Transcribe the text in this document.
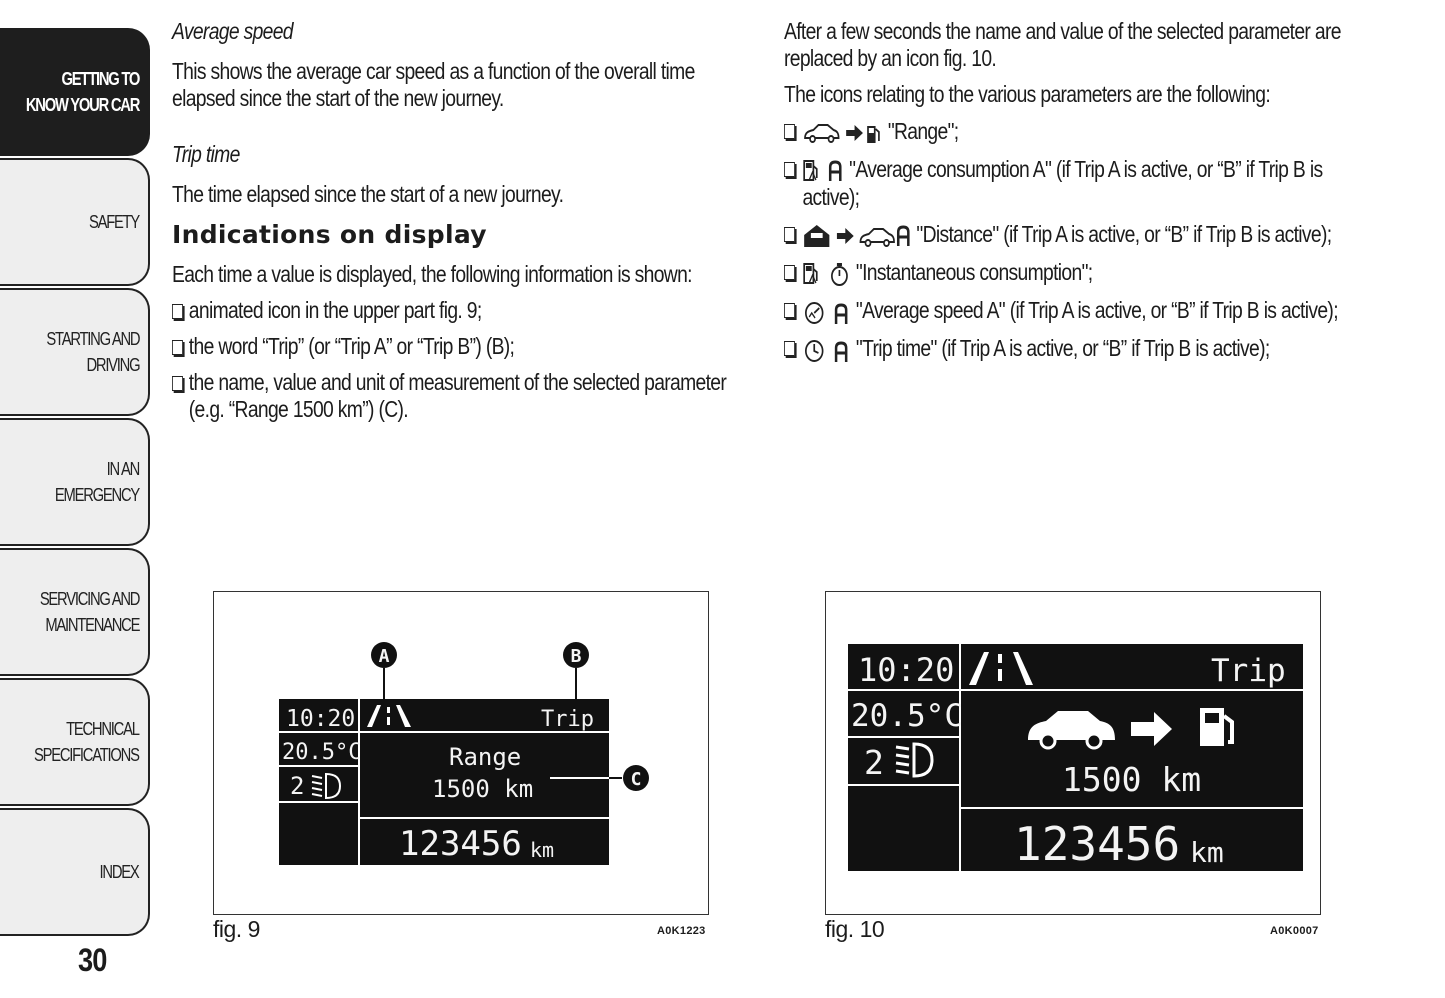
GETTING TO
KNOW YOUR CAR
SAFETY
STARTING AND
DRIVING
IN AN EMERGENCY
SERVICING AND
MAINTENANCE
TECHNICAL
SPECIFICATIONS
INDEX
30

Average speed

This shows the average car speed as a function of the overall time elapsed since the start of the new journey.

Trip time

The time elapsed since the start of a new journey.

Indications on display

Each time a value is displayed, the following information is shown:

animated icon in the upper part fig. 9;

the word “Trip” (or “Trip A” or “Trip B”) (B);

the name, value and unit of measurement of the selected parameter (e.g. “Range 1500 km”) (C).

After a few seconds the name and value of the selected parameter are replaced by an icon fig. 10.

The icons relating to the various parameters are the following:

"Range";

"Average consumption A" (if Trip A is active, or “B” if Trip B is active);

"Distance" (if Trip A is active, or “B” if Trip B is active);

"Instantaneous consumption";

"Average speed A" (if Trip A is active, or “B” if Trip B is active);

"Trip time" (if Trip A is active, or “B” if Trip B is active);

10:20
20.5°C
2
Trip
Range
1500 km
123456 km
A	B
C
fig. 9	A0K1223
10:20
20.5°C
2
Trip
1500 km
123456 km
fig. 10	A0K0007
